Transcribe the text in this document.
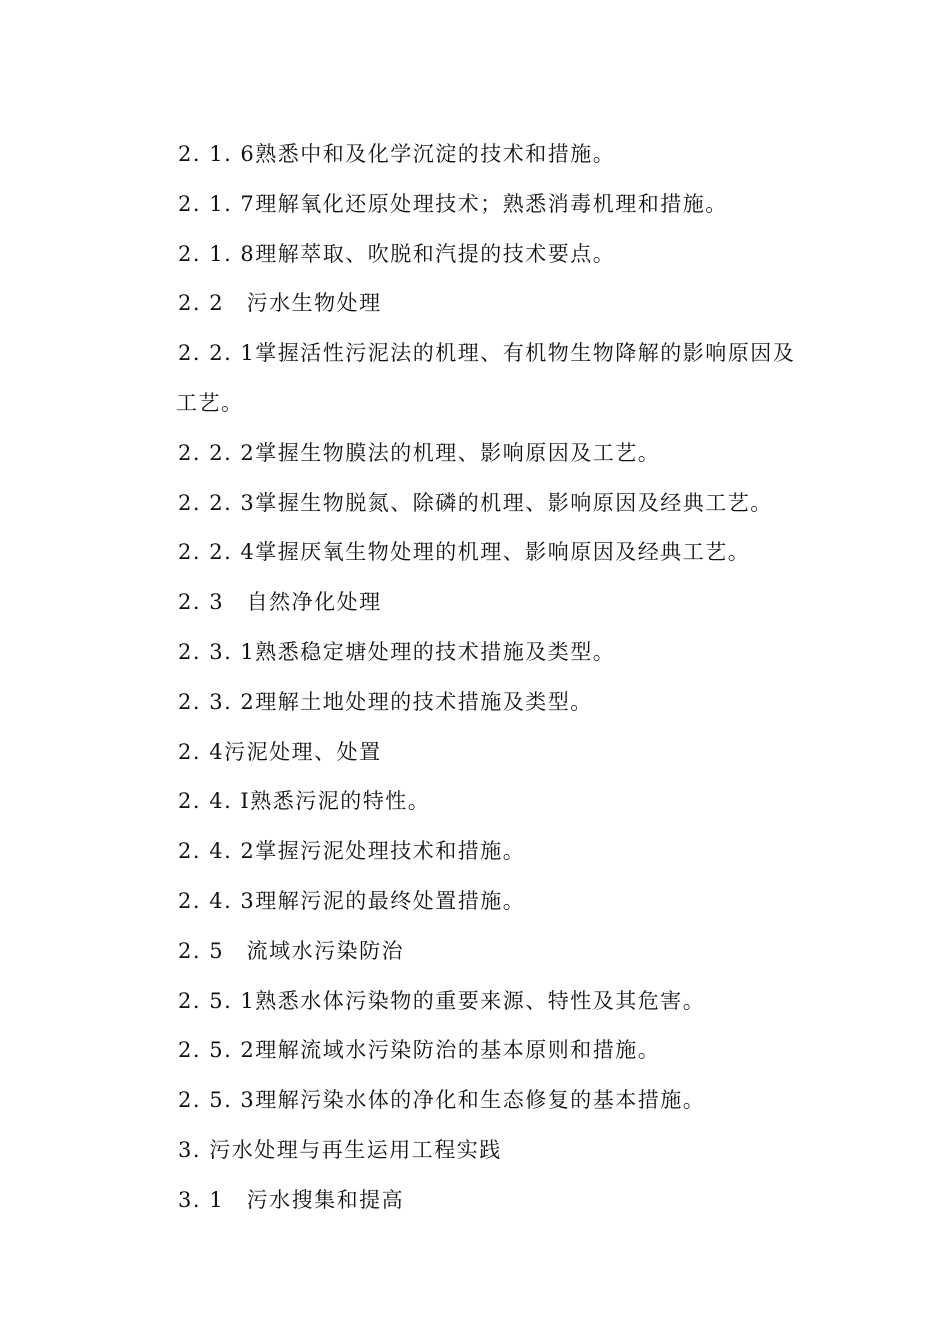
2. 1. 6熟悉中和及化学沉淀的技术和措施。
2. 1. 7理解氧化还原处理技术；熟悉消毒机理和措施。
2. 1. 8理解萃取、吹脱和汽提的技术要点。
2. 2　污水生物处理
2. 2. 1掌握活性污泥法的机理、有机物生物降解的影响原因及
工艺。
2. 2. 2掌握生物膜法的机理、影响原因及工艺。
2. 2. 3掌握生物脱氮、除磷的机理、影响原因及经典工艺。
2. 2. 4掌握厌氧生物处理的机理、影响原因及经典工艺。
2. 3　自然净化处理
2. 3. 1熟悉稳定塘处理的技术措施及类型。
2. 3. 2理解土地处理的技术措施及类型。
2. 4污泥处理、处置
2. 4. I熟悉污泥的特性。
2. 4. 2掌握污泥处理技术和措施。
2. 4. 3理解污泥的最终处置措施。
2. 5　流域水污染防治
2. 5. 1熟悉水体污染物的重要来源、特性及其危害。
2. 5. 2理解流域水污染防治的基本原则和措施。
2. 5. 3理解污染水体的净化和生态修复的基本措施。
3. 污水处理与再生运用工程实践
3. 1　污水搜集和提高
